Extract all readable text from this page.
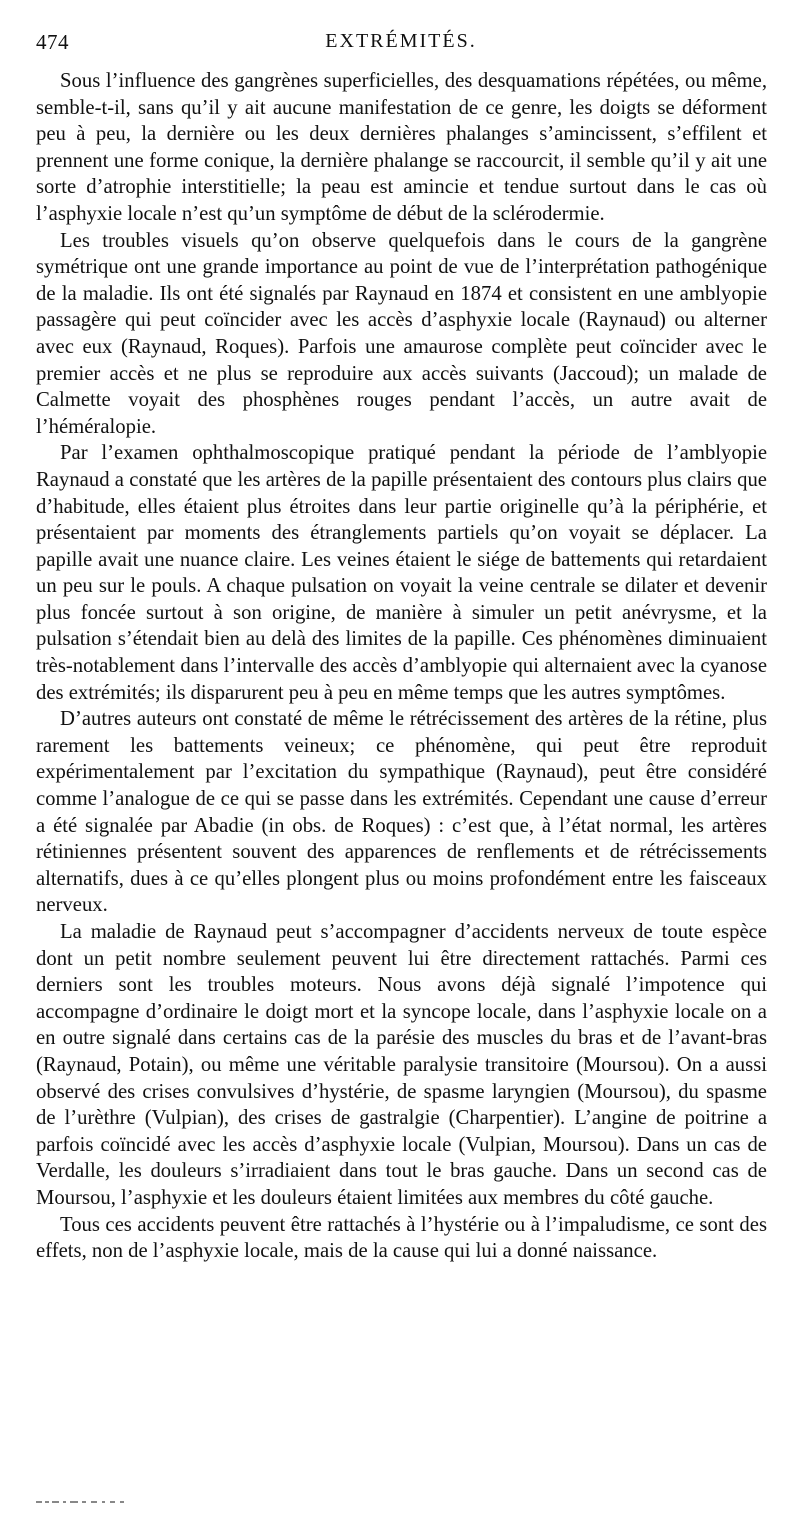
474	EXTRÉMITÉS.

Sous l’influence des gangrènes superficielles, des desquamations répétées, ou même, semble-t-il, sans qu’il y ait aucune manifestation de ce genre, les doigts se déforment peu à peu, la dernière ou les deux dernières phalanges s’amincissent, s’effilent et prennent une forme conique, la dernière phalange se raccourcit, il semble qu’il y ait une sorte d’atrophie interstitielle; la peau est amincie et tendue surtout dans le cas où l’asphyxie locale n’est qu’un symptôme de début de la sclérodermie.

Les troubles visuels qu’on observe quelquefois dans le cours de la gangrène symétrique ont une grande importance au point de vue de l’interprétation pathogénique de la maladie. Ils ont été signalés par Raynaud en 1874 et consistent en une amblyopie passagère qui peut coïncider avec les accès d’asphyxie locale (Raynaud) ou alterner avec eux (Raynaud, Roques). Parfois une amaurose complète peut coïncider avec le premier accès et ne plus se reproduire aux accès suivants (Jaccoud); un malade de Calmette voyait des phosphènes rouges pendant l’accès, un autre avait de l’héméralopie.

Par l’examen ophthalmoscopique pratiqué pendant la période de l’amblyopie Raynaud a constaté que les artères de la papille présentaient des contours plus clairs que d’habitude, elles étaient plus étroites dans leur partie originelle qu’à la périphérie, et présentaient par moments des étranglements partiels qu’on voyait se déplacer. La papille avait une nuance claire. Les veines étaient le siége de battements qui retardaient un peu sur le pouls. A chaque pulsation on voyait la veine centrale se dilater et devenir plus foncée surtout à son origine, de manière à simuler un petit anévrysme, et la pulsation s’étendait bien au delà des limites de la papille. Ces phénomènes diminuaient très-notablement dans l’intervalle des accès d’amblyopie qui alternaient avec la cyanose des extrémités; ils disparurent peu à peu en même temps que les autres symptômes.

D’autres auteurs ont constaté de même le rétrécissement des artères de la rétine, plus rarement les battements veineux; ce phénomène, qui peut être reproduit expérimentalement par l’excitation du sympathique (Raynaud), peut être considéré comme l’analogue de ce qui se passe dans les extrémités. Cependant une cause d’erreur a été signalée par Abadie (in obs. de Roques) : c’est que, à l’état normal, les artères rétiniennes présentent souvent des apparences de renflements et de rétrécissements alternatifs, dues à ce qu’elles plongent plus ou moins profondément entre les faisceaux nerveux.

La maladie de Raynaud peut s’accompagner d’accidents nerveux de toute espèce dont un petit nombre seulement peuvent lui être directement rattachés. Parmi ces derniers sont les troubles moteurs. Nous avons déjà signalé l’impotence qui accompagne d’ordinaire le doigt mort et la syncope locale, dans l’asphyxie locale on a en outre signalé dans certains cas de la parésie des muscles du bras et de l’avant-bras (Raynaud, Potain), ou même une véritable paralysie transitoire (Moursou). On a aussi observé des crises convulsives d’hystérie, de spasme laryngien (Moursou), du spasme de l’urèthre (Vulpian), des crises de gastralgie (Charpentier). L’angine de poitrine a parfois coïncidé avec les accès d’asphyxie locale (Vulpian, Moursou). Dans un cas de Verdalle, les douleurs s’irradiaient dans tout le bras gauche. Dans un second cas de Moursou, l’asphyxie et les douleurs étaient limitées aux membres du côté gauche.

Tous ces accidents peuvent être rattachés à l’hystérie ou à l’impaludisme, ce sont des effets, non de l’asphyxie locale, mais de la cause qui lui a donné naissance.
